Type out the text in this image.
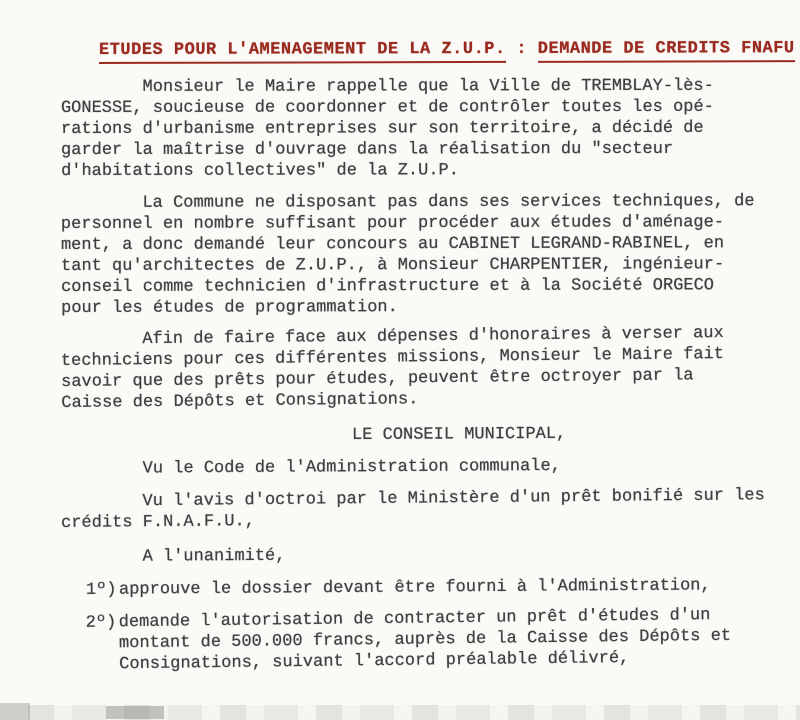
ETUDES POUR L'AMENAGEMENT DE LA Z.U.P. : DEMANDE DE CREDITS FNAFU
Monsieur le Maire rappelle que la Ville de TREMBLAY-lès-
GONESSE, soucieuse de coordonner et de contrôler toutes les opé-
rations d'urbanisme entreprises sur son territoire, a décidé de
garder la maîtrise d'ouvrage dans la réalisation du "secteur
d'habitations collectives" de la Z.U.P.
La Commune ne disposant pas dans ses services techniques, de
personnel en nombre suffisant pour procéder aux études d'aménage-
ment, a donc demandé leur concours au CABINET LEGRAND-RABINEL, en
tant qu'architectes de Z.U.P., à Monsieur CHARPENTIER, ingénieur-
conseil comme technicien d'infrastructure et à la Société ORGECO
pour les études de programmation.
Afin de faire face aux dépenses d'honoraires à verser aux
techniciens pour ces différentes missions, Monsieur le Maire fait
savoir que des prêts pour études, peuvent être octroyer par la
Caisse des Dépôts et Consignations.
LE CONSEIL MUNICIPAL,
Vu le Code de l'Administration communale,
Vu l'avis d'octroi par le Ministère d'un prêt bonifié sur les
crédits F.N.A.F.U.,
A l'unanimité,
1º) approuve le dossier devant être fourni à l'Administration,
2º) demande l'autorisation de contracter un prêt d'études d'un
montant de 500.000 francs, auprès de la Caisse des Dépôts et
Consignations, suivant l'accord préalable délivré,
